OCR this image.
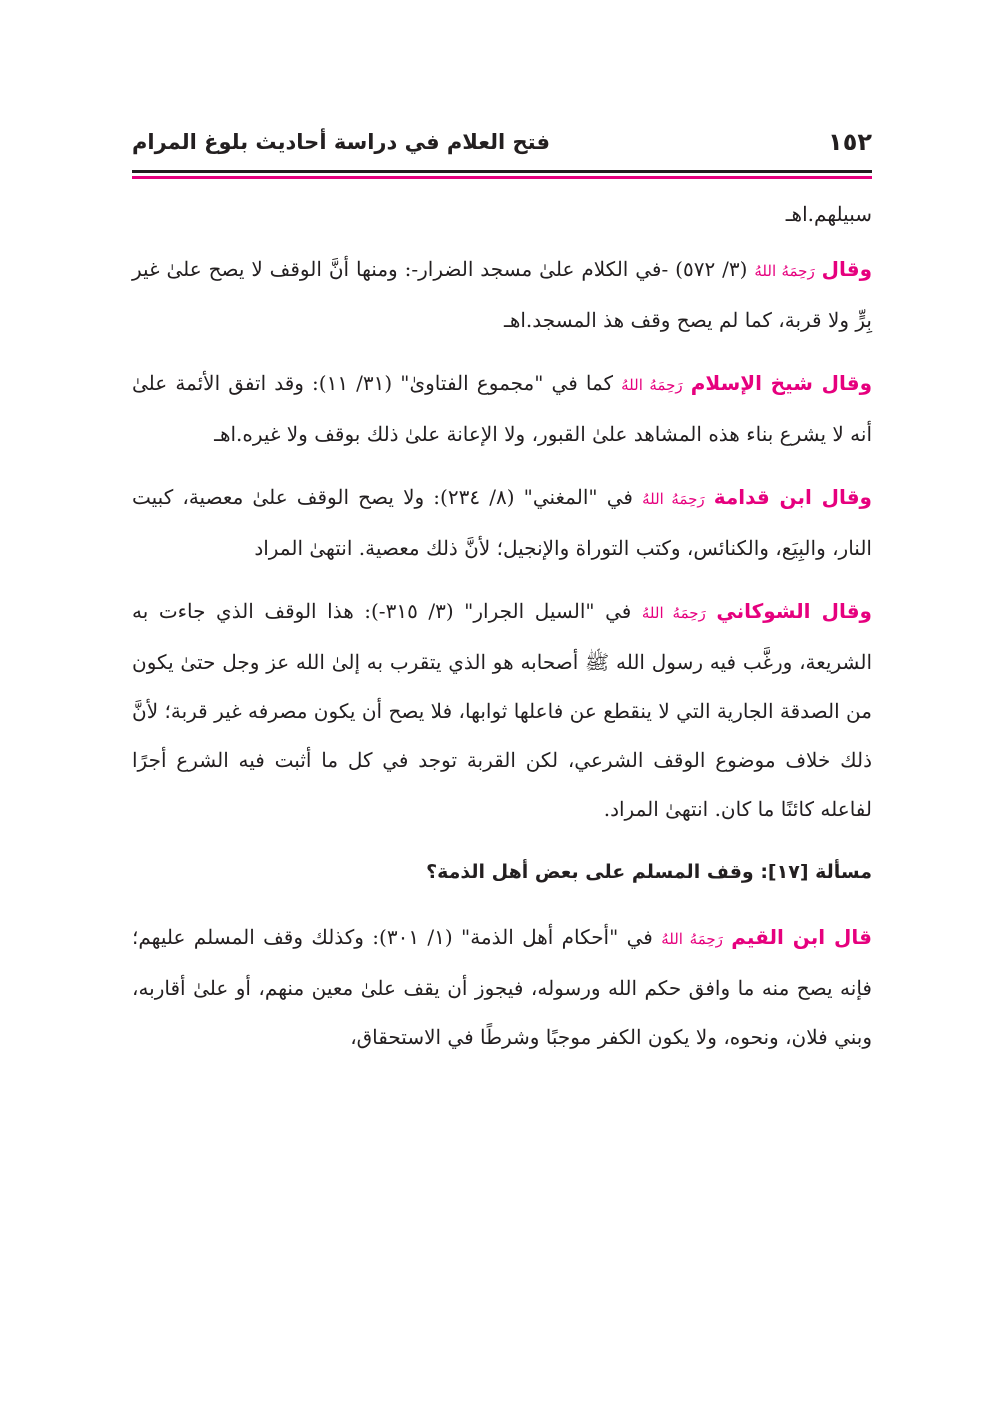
١٥٢
فتح العلام في دراسة أحاديث بلوغ المرام

سبيلهم.اهـ

وقال رَحِمَهُ اللهُ (٣/ ٥٧٢) -في الكلام علىٰ مسجد الضرار-: ومنها أنَّ الوقف لا يصح علىٰ غير بِرٍّ ولا قربة، كما لم يصح وقف هذ المسجد.اهـ

وقال شيخ الإسلام رَحِمَهُ اللهُ كما في "مجموع الفتاوىٰ" (٣١/ ١١): وقد اتفق الأئمة علىٰ أنه لا يشرع بناء هذه المشاهد علىٰ القبور، ولا الإعانة علىٰ ذلك بوقف ولا غيره.اهـ

وقال ابن قدامة رَحِمَهُ اللهُ في "المغني" (٨/ ٢٣٤): ولا يصح الوقف علىٰ معصية، كبيت النار، والبِيَع، والكنائس، وكتب التوراة والإنجيل؛ لأنَّ ذلك معصية. انتهىٰ المراد

وقال الشوكاني رَحِمَهُ اللهُ في "السيل الجرار" (٣/ ٣١٥-): هذا الوقف الذي جاءت به الشريعة، ورغَّب فيه رسول الله ﷺ أصحابه هو الذي يتقرب به إلىٰ الله عز وجل حتىٰ يكون من الصدقة الجارية التي لا ينقطع عن فاعلها ثوابها، فلا يصح أن يكون مصرفه غير قربة؛ لأنَّ ذلك خلاف موضوع الوقف الشرعي، لكن القربة توجد في كل ما أثبت فيه الشرع أجرًا لفاعله كائنًا ما كان. انتهىٰ المراد.

مسألة [١٧]: وقف المسلم على بعض أهل الذمة؟

قال ابن القيم رَحِمَهُ اللهُ في "أحكام أهل الذمة" (١/ ٣٠١): وكذلك وقف المسلم عليهم؛ فإنه يصح منه ما وافق حكم الله ورسوله، فيجوز أن يقف علىٰ معين منهم، أو علىٰ أقاربه، وبني فلان، ونحوه، ولا يكون الكفر موجبًا وشرطًا في الاستحقاق،
